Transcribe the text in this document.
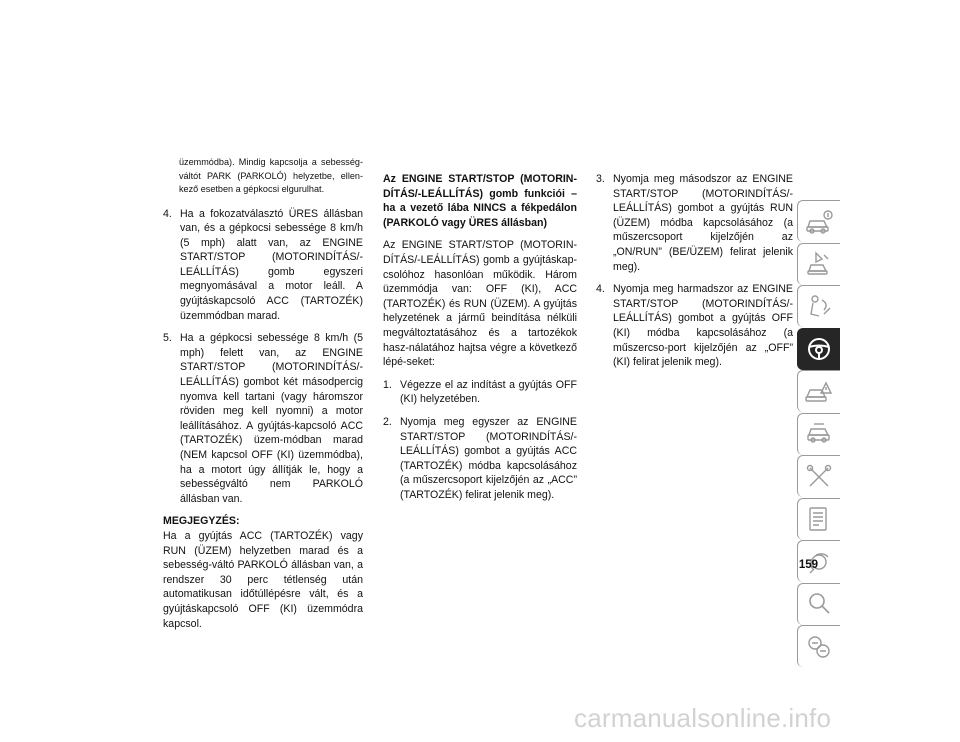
üzemmódba). Mindig kapcsolja a sebesség-váltót PARK (PARKOLÓ) helyzetbe, ellen-kező esetben a gépkocsi elgurulhat.

4. Ha a fokozatválasztó ÜRES állásban van, és a gépkocsi sebessége 8 km/h (5 mph) alatt van, az ENGINE START/STOP (MOTORINDÍTÁS/-LEÁLLÍTÁS) gomb egyszeri megnyomásával a motor leáll. A gyújtáskapcsoló ACC (TARTOZÉK) üzemmódban marad.

5. Ha a gépkocsi sebessége 8 km/h (5 mph) felett van, az ENGINE START/STOP (MOTORINDÍTÁS/-LEÁLLÍTÁS) gombot két másodpercig nyomva kell tartani (vagy háromszor röviden meg kell nyomni) a motor leállításához. A gyújtás-kapcsoló ACC (TARTOZÉK) üzem-módban marad (NEM kapcsol OFF (KI) üzemmódba), ha a motort úgy állítják le, hogy a sebességváltó nem PARKOLÓ állásban van.

MEGJEGYZÉS:

Ha a gyújtás ACC (TARTOZÉK) vagy RUN (ÜZEM) helyzetben marad és a sebesség-váltó PARKOLÓ állásban van, a rendszer 30 perc tétlenség után automatikusan időtúllépésre vált, és a gyújtáskapcsoló OFF (KI) üzemmódra kapcsol.

Az ENGINE START/STOP (MOTORIN-DÍTÁS/-LEÁLLÍTÁS) gomb funkciói – ha a vezető lába NINCS a fékpedálon (PARKOLÓ vagy ÜRES állásban)

Az ENGINE START/STOP (MOTORIN-DÍTÁS/-LEÁLLÍTÁS) gomb a gyújtáskap-csolóhoz hasonlóan működik. Három üzemmódja van: OFF (KI), ACC (TARTOZÉK) és RUN (ÜZEM). A gyújtás helyzetének a jármű beindítása nélküli megváltoztatásához és a tartozékok hasz-nálatához hajtsa végre a következő lépé-seket:

1. Végezze el az indítást a gyújtás OFF (KI) helyzetében.

2. Nyomja meg egyszer az ENGINE START/STOP (MOTORINDÍTÁS/-LEÁLLÍTÁS) gombot a gyújtás ACC (TARTOZÉK) módba kapcsolásához (a műszercsoport kijelzőjén az „ACC” (TARTOZÉK) felirat jelenik meg).

3. Nyomja meg másodszor az ENGINE START/STOP (MOTORINDÍTÁS/-LEÁLLÍTÁS) gombot a gyújtás RUN (ÜZEM) módba kapcsolásához (a műszercsoport kijelzőjén az „ON/RUN” (BE/ÜZEM) felirat jelenik meg).

4. Nyomja meg harmadszor az ENGINE START/STOP (MOTORINDÍTÁS/-LEÁLLÍTÁS) gombot a gyújtás OFF (KI) módba kapcsolásához (a műszercso-port kijelzőjén az „OFF” (KI) felirat jelenik meg).

159
carmanualsonline.info
